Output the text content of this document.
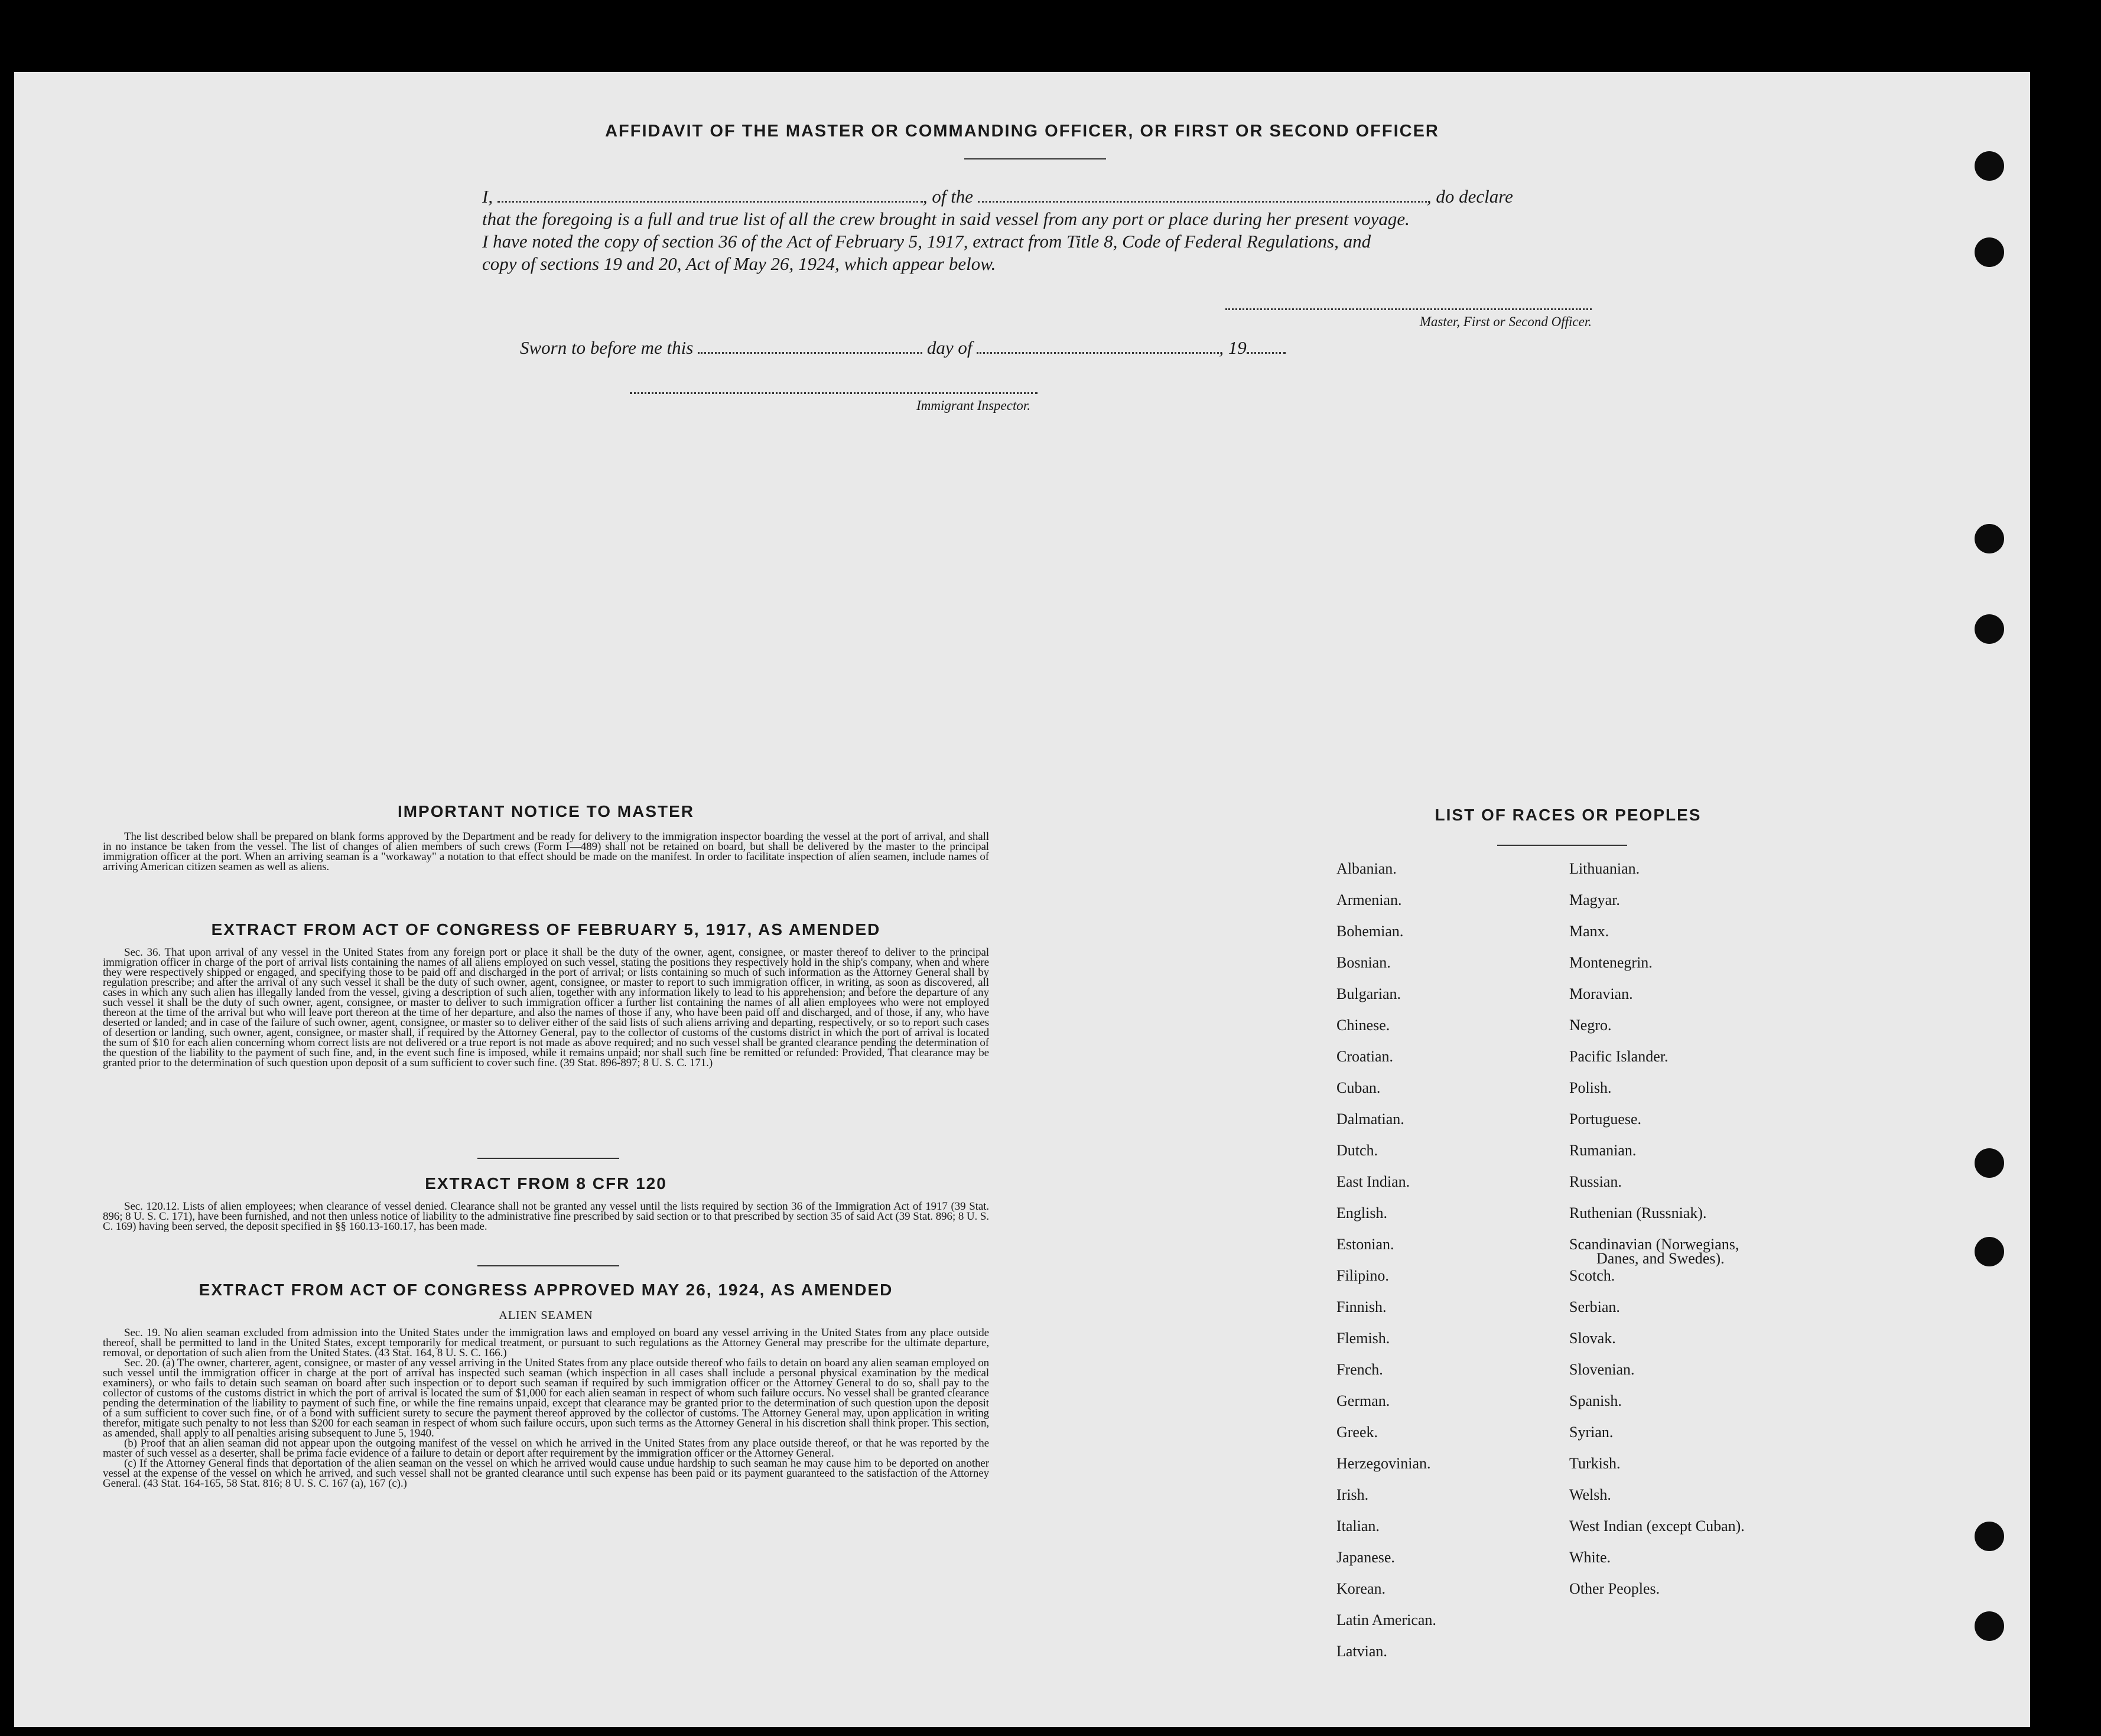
AFFIDAVIT OF THE MASTER OR COMMANDING OFFICER, OR FIRST OR SECOND OFFICER
I,	, of the	, do declare
that the foregoing is a full and true list of all the crew brought in said vessel from any port or place during her present voyage.
I have noted the copy of section 36 of the Act of February 5, 1917, extract from Title 8, Code of Federal Regulations, and
copy of sections 19 and 20, Act of May 26, 1924, which appear below.
Master, First or Second Officer.
Sworn to before me this	day of	, 19
Immigrant Inspector.
IMPORTANT NOTICE TO MASTER

The list described below shall be prepared on blank forms approved by the Department and be ready for delivery to the immigration inspector boarding the vessel at the port of arrival, and shall in no instance be taken from the vessel. The list of changes of alien members of such crews (Form I—489) shall not be retained on board, but shall be delivered by the master to the principal immigration officer at the port. When an arriving seaman is a "workaway" a notation to that effect should be made on the manifest. In order to facilitate inspection of alien seamen, include names of arriving American citizen seamen as well as aliens.

EXTRACT FROM ACT OF CONGRESS OF FEBRUARY 5, 1917, AS AMENDED

Sec. 36. That upon arrival of any vessel in the United States from any foreign port or place it shall be the duty of the owner, agent, consignee, or master thereof to deliver to the principal immigration officer in charge of the port of arrival lists containing the names of all aliens employed on such vessel, stating the positions they respectively hold in the ship's company, when and where they were respectively shipped or engaged, and specifying those to be paid off and discharged in the port of arrival; or lists containing so much of such information as the Attorney General shall by regulation prescribe; and after the arrival of any such vessel it shall be the duty of such owner, agent, consignee, or master to report to such immigration officer, in writing, as soon as discovered, all cases in which any such alien has illegally landed from the vessel, giving a description of such alien, together with any information likely to lead to his apprehension; and before the departure of any such vessel it shall be the duty of such owner, agent, consignee, or master to deliver to such immigration officer a further list containing the names of all alien employees who were not employed thereon at the time of the arrival but who will leave port thereon at the time of her departure, and also the names of those if any, who have been paid off and discharged, and of those, if any, who have deserted or landed; and in case of the failure of such owner, agent, consignee, or master so to deliver either of the said lists of such aliens arriving and departing, respectively, or so to report such cases of desertion or landing, such owner, agent, consignee, or master shall, if required by the Attorney General, pay to the collector of customs of the customs district in which the port of arrival is located the sum of $10 for each alien concerning whom correct lists are not delivered or a true report is not made as above required; and no such vessel shall be granted clearance pending the determination of the question of the liability to the payment of such fine, and, in the event such fine is imposed, while it remains unpaid; nor shall such fine be remitted or refunded: Provided, That clearance may be granted prior to the determination of such question upon deposit of a sum sufficient to cover such fine. (39 Stat. 896-897; 8 U. S. C. 171.)

EXTRACT FROM 8 CFR 120

Sec. 120.12. Lists of alien employees; when clearance of vessel denied. Clearance shall not be granted any vessel until the lists required by section 36 of the Immigration Act of 1917 (39 Stat. 896; 8 U. S. C. 171), have been furnished, and not then unless notice of liability to the administrative fine prescribed by said section or to that prescribed by section 35 of said Act (39 Stat. 896; 8 U. S. C. 169) having been served, the deposit specified in §§ 160.13-160.17, has been made.

EXTRACT FROM ACT OF CONGRESS APPROVED MAY 26, 1924, AS AMENDED
ALIEN SEAMEN

Sec. 19. No alien seaman excluded from admission into the United States under the immigration laws and employed on board any vessel arriving in the United States from any place outside thereof, shall be permitted to land in the United States, except temporarily for medical treatment, or pursuant to such regulations as the Attorney General may prescribe for the ultimate departure, removal, or deportation of such alien from the United States. (43 Stat. 164, 8 U. S. C. 166.)

Sec. 20. (a) The owner, charterer, agent, consignee, or master of any vessel arriving in the United States from any place outside thereof who fails to detain on board any alien seaman employed on such vessel until the immigration officer in charge at the port of arrival has inspected such seaman (which inspection in all cases shall include a personal physical examination by the medical examiners), or who fails to detain such seaman on board after such inspection or to deport such seaman if required by such immigration officer or the Attorney General to do so, shall pay to the collector of customs of the customs district in which the port of arrival is located the sum of $1,000 for each alien seaman in respect of whom such failure occurs. No vessel shall be granted clearance pending the determination of the liability to payment of such fine, or while the fine remains unpaid, except that clearance may be granted prior to the determination of such question upon the deposit of a sum sufficient to cover such fine, or of a bond with sufficient surety to secure the payment thereof approved by the collector of customs. The Attorney General may, upon application in writing therefor, mitigate such penalty to not less than $200 for each seaman in respect of whom such failure occurs, upon such terms as the Attorney General in his discretion shall think proper. This section, as amended, shall apply to all penalties arising subsequent to June 5, 1940.

(b) Proof that an alien seaman did not appear upon the outgoing manifest of the vessel on which he arrived in the United States from any place outside thereof, or that he was reported by the master of such vessel as a deserter, shall be prima facie evidence of a failure to detain or deport after requirement by the immigration officer or the Attorney General.

(c) If the Attorney General finds that deportation of the alien seaman on the vessel on which he arrived would cause undue hardship to such seaman he may cause him to be deported on another vessel at the expense of the vessel on which he arrived, and such vessel shall not be granted clearance until such expense has been paid or its payment guaranteed to the satisfaction of the Attorney General. (43 Stat. 164-165, 58 Stat. 816; 8 U. S. C. 167 (a), 167 (c).)

LIST OF RACES OR PEOPLES
Albanian.
Armenian.
Bohemian.
Bosnian.
Bulgarian.
Chinese.
Croatian.
Cuban.
Dalmatian.
Dutch.
East Indian.
English.
Estonian.
Filipino.
Finnish.
Flemish.
French.
German.
Greek.
Herzegovinian.
Irish.
Italian.
Japanese.
Korean.
Latin American.
Latvian.
Lithuanian.
Magyar.
Manx.
Montenegrin.
Moravian.
Negro.
Pacific Islander.
Polish.
Portuguese.
Rumanian.
Russian.
Ruthenian (Russniak).
Scandinavian (Norwegians,
Danes, and Swedes).
Scotch.
Serbian.
Slovak.
Slovenian.
Spanish.
Syrian.
Turkish.
Welsh.
West Indian (except Cuban).
White.
Other Peoples.
